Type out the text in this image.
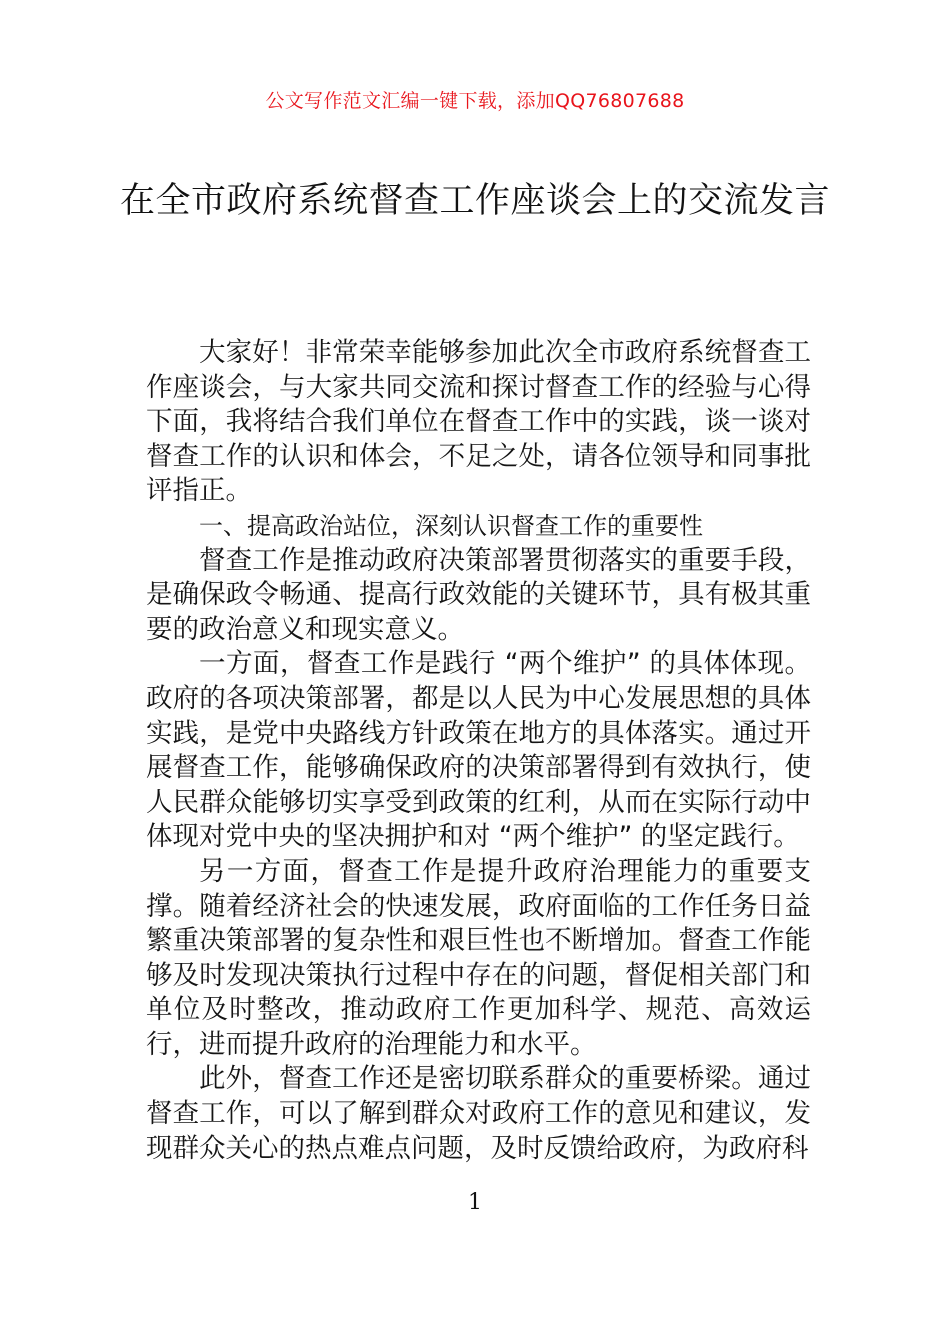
公文写作范文汇编一键下载，添加QQ76807688
在全市政府系统督查工作座谈会上的交流发言

大家好！非常荣幸能够参加此次全市政府系统督查工作座谈会，与大家共同交流和探讨督查工作的经验与心得下面，我将结合我们单位在督查工作中的实践，谈一谈对督查工作的认识和体会，不足之处，请各位领导和同事批评指正。

一、提高政治站位，深刻认识督查工作的重要性

督查工作是推动政府决策部署贯彻落实的重要手段，是确保政令畅通、提高行政效能的关键环节，具有极其重要的政治意义和现实意义。

一方面，督查工作是践行 “两个维护” 的具体体现。政府的各项决策部署，都是以人民为中心发展思想的具体实践，是党中央路线方针政策在地方的具体落实。通过开展督查工作，能够确保政府的决策部署得到有效执行，使人民群众能够切实享受到政策的红利，从而在实际行动中体现对党中央的坚决拥护和对 “两个维护” 的坚定践行。

另一方面，督查工作是提升政府治理能力的重要支撑。随着经济社会的快速发展，政府面临的工作任务日益繁重决策部署的复杂性和艰巨性也不断增加。督查工作能够及时发现决策执行过程中存在的问题，督促相关部门和单位及时整改，推动政府工作更加科学、规范、高效运行，进而提升政府的治理能力和水平。

此外，督查工作还是密切联系群众的重要桥梁。通过督查工作，可以了解到群众对政府工作的意见和建议，发现群众关心的热点难点问题，及时反馈给政府，为政府科

1
